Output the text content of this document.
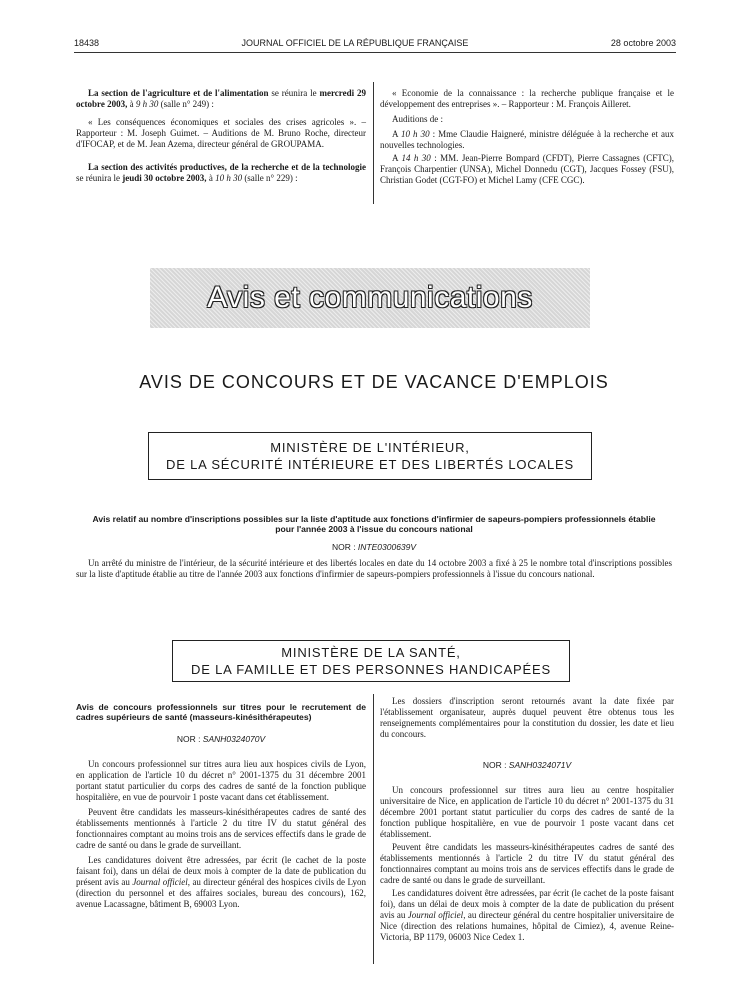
18438	JOURNAL OFFICIEL DE LA RÉPUBLIQUE FRANÇAISE	28 octobre 2003

La section de l'agriculture et de l'alimentation se réunira le mercredi 29 octobre 2003, à 9 h 30 (salle n° 249) :

« Les conséquences économiques et sociales des crises agricoles ». – Rapporteur : M. Joseph Guimet. – Auditions de M. Bruno Roche, directeur d'IFOCAP, et de M. Jean Azema, directeur général de GROUPAMA.

La section des activités productives, de la recherche et de la technologie se réunira le jeudi 30 octobre 2003, à 10 h 30 (salle n° 229) :

« Economie de la connaissance : la recherche publique française et le développement des entreprises ». – Rapporteur : M. François Ailleret.

Auditions de :

A 10 h 30 : Mme Claudie Haigneré, ministre déléguée à la recherche et aux nouvelles technologies.

A 14 h 30 : MM. Jean-Pierre Bompard (CFDT), Pierre Cassagnes (CFTC), François Charpentier (UNSA), Michel Donnedu (CGT), Jacques Fossey (FSU), Christian Godet (CGT-FO) et Michel Lamy (CFE CGC).

Avis et communications
AVIS DE CONCOURS ET DE VACANCE D'EMPLOIS
MINISTÈRE DE L'INTÉRIEUR,
DE LA SÉCURITÉ INTÉRIEURE ET DES LIBERTÉS LOCALES
Avis relatif au nombre d'inscriptions possibles sur la liste d'aptitude aux fonctions d'infirmier de sapeurs-pompiers professionnels établie pour l'année 2003 à l'issue du concours national
NOR : INTE0300639V

Un arrêté du ministre de l'intérieur, de la sécurité intérieure et des libertés locales en date du 14 octobre 2003 a fixé à 25 le nombre total d'inscriptions possibles sur la liste d'aptitude établie au titre de l'année 2003 aux fonctions d'infirmier de sapeurs-pompiers professionnels à l'issue du concours national.

MINISTÈRE DE LA SANTÉ,
DE LA FAMILLE ET DES PERSONNES HANDICAPÉES
Avis de concours professionnels sur titres pour le recrutement de cadres supérieurs de santé (masseurs-kinésithérapeutes)
NOR : SANH0324070V

Un concours professionnel sur titres aura lieu aux hospices civils de Lyon, en application de l'article 10 du décret n° 2001-1375 du 31 décembre 2001 portant statut particulier du corps des cadres de santé de la fonction publique hospitalière, en vue de pourvoir 1 poste vacant dans cet établissement.

Peuvent être candidats les masseurs-kinésithérapeutes cadres de santé des établissements mentionnés à l'article 2 du titre IV du statut général des fonctionnaires comptant au moins trois ans de services effectifs dans le grade de cadre de santé ou dans le grade de surveillant.

Les candidatures doivent être adressées, par écrit (le cachet de la poste faisant foi), dans un délai de deux mois à compter de la date de publication du présent avis au Journal officiel, au directeur général des hospices civils de Lyon (direction du personnel et des affaires sociales, bureau des concours), 162, avenue Lacassagne, bâtiment B, 69003 Lyon.

Les dossiers d'inscription seront retournés avant la date fixée par l'établissement organisateur, auprès duquel peuvent être obtenus tous les renseignements complémentaires pour la constitution du dossier, les date et lieu du concours.

NOR : SANH0324071V

Un concours professionnel sur titres aura lieu au centre hospitalier universitaire de Nice, en application de l'article 10 du décret n° 2001-1375 du 31 décembre 2001 portant statut particulier du corps des cadres de santé de la fonction publique hospitalière, en vue de pourvoir 1 poste vacant dans cet établissement.

Peuvent être candidats les masseurs-kinésithérapeutes cadres de santé des établissements mentionnés à l'article 2 du titre IV du statut général des fonctionnaires comptant au moins trois ans de services effectifs dans le grade de cadre de santé ou dans le grade de surveillant.

Les candidatures doivent être adressées, par écrit (le cachet de la poste faisant foi), dans un délai de deux mois à compter de la date de publication du présent avis au Journal officiel, au directeur général du centre hospitalier universitaire de Nice (direction des relations humaines, hôpital de Cimiez), 4, avenue Reine-Victoria, BP 1179, 06003 Nice Cedex 1.
